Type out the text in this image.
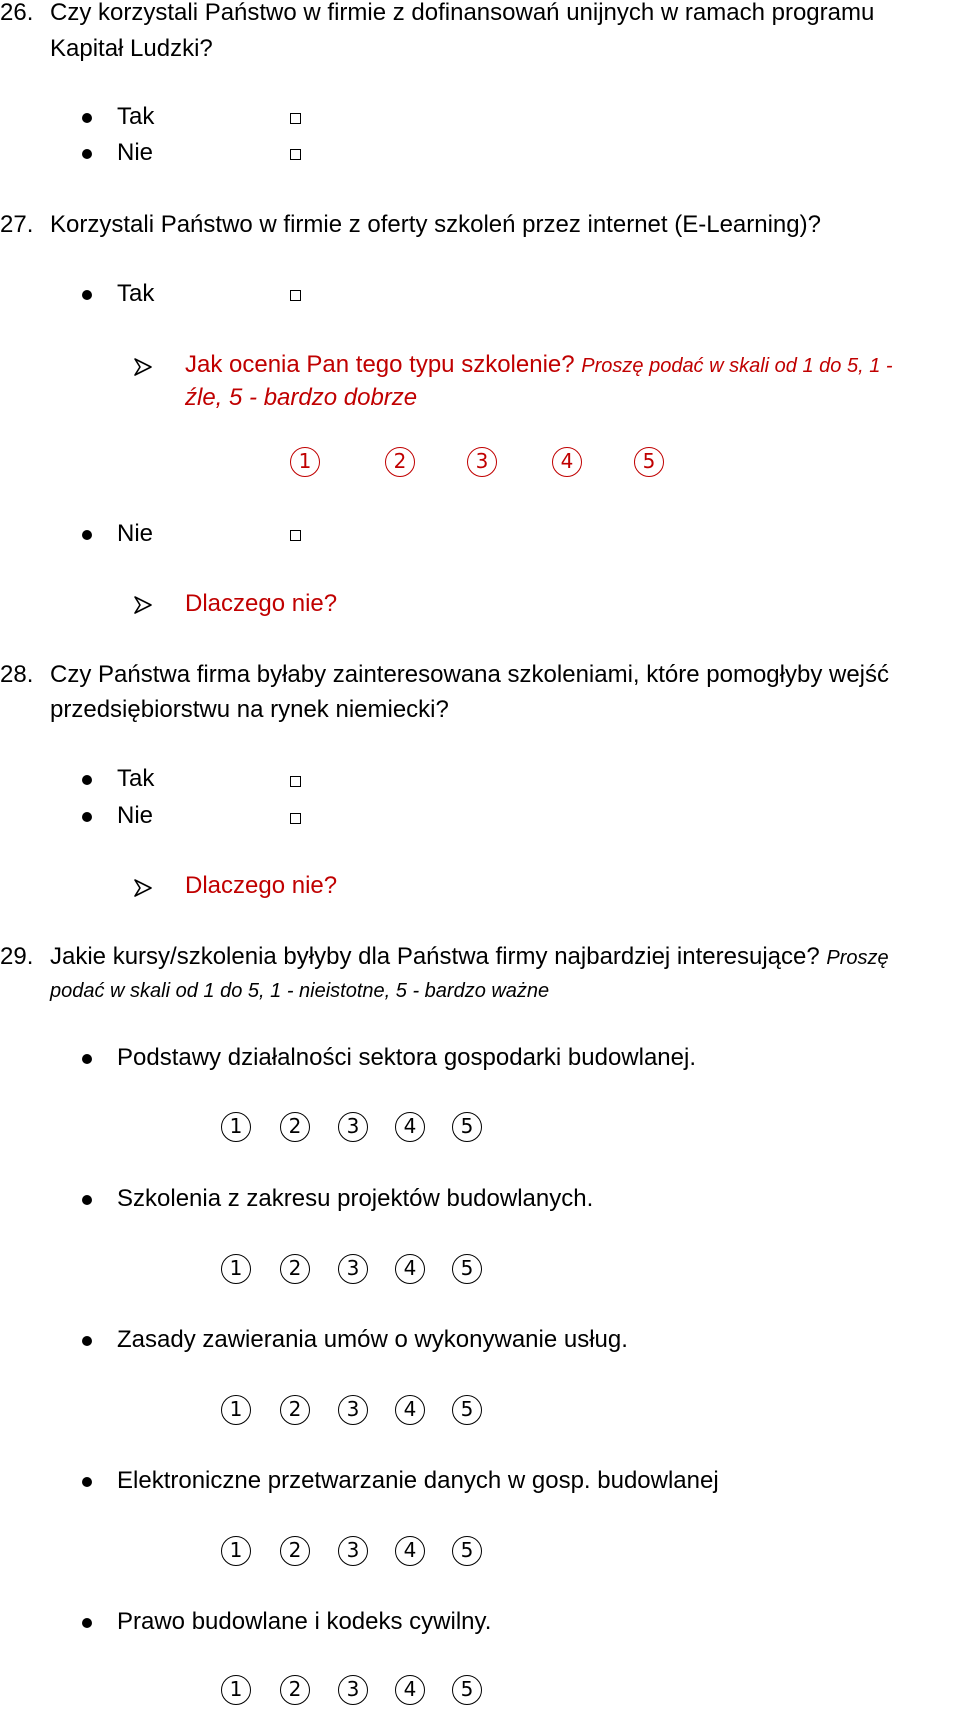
26. Czy korzystali Państwo w firmie z dofinansowań unijnych w ramach programu
Kapitał Ludzki?
Tak
Nie
27. Korzystali Państwo w firmie z oferty szkoleń przez internet (E-Learning)?
Tak
Jak ocenia Pan tego typu szkolenie? Proszę podać w skali od 1 do 5, 1 -
źle, 5 - bardzo dobrze
1	2	3	4	5
Nie
Dlaczego nie?
28. Czy Państwa firma byłaby zainteresowana szkoleniami, które pomogłyby wejść
przedsiębiorstwu na rynek niemiecki?
Tak
Nie
Dlaczego nie?
29. Jakie kursy/szkolenia byłyby dla Państwa firmy najbardziej interesujące? Proszę
podać w skali od 1 do 5, 1 - nieistotne, 5 - bardzo ważne
Podstawy działalności sektora gospodarki budowlanej.
1	2	3	4	5
Szkolenia z zakresu projektów budowlanych.
1	2	3	4	5
Zasady zawierania umów o wykonywanie usług.
1	2	3	4	5
Elektroniczne przetwarzanie danych w gosp. budowlanej
1	2	3	4	5
Prawo budowlane i kodeks cywilny.
1	2	3	4	5
